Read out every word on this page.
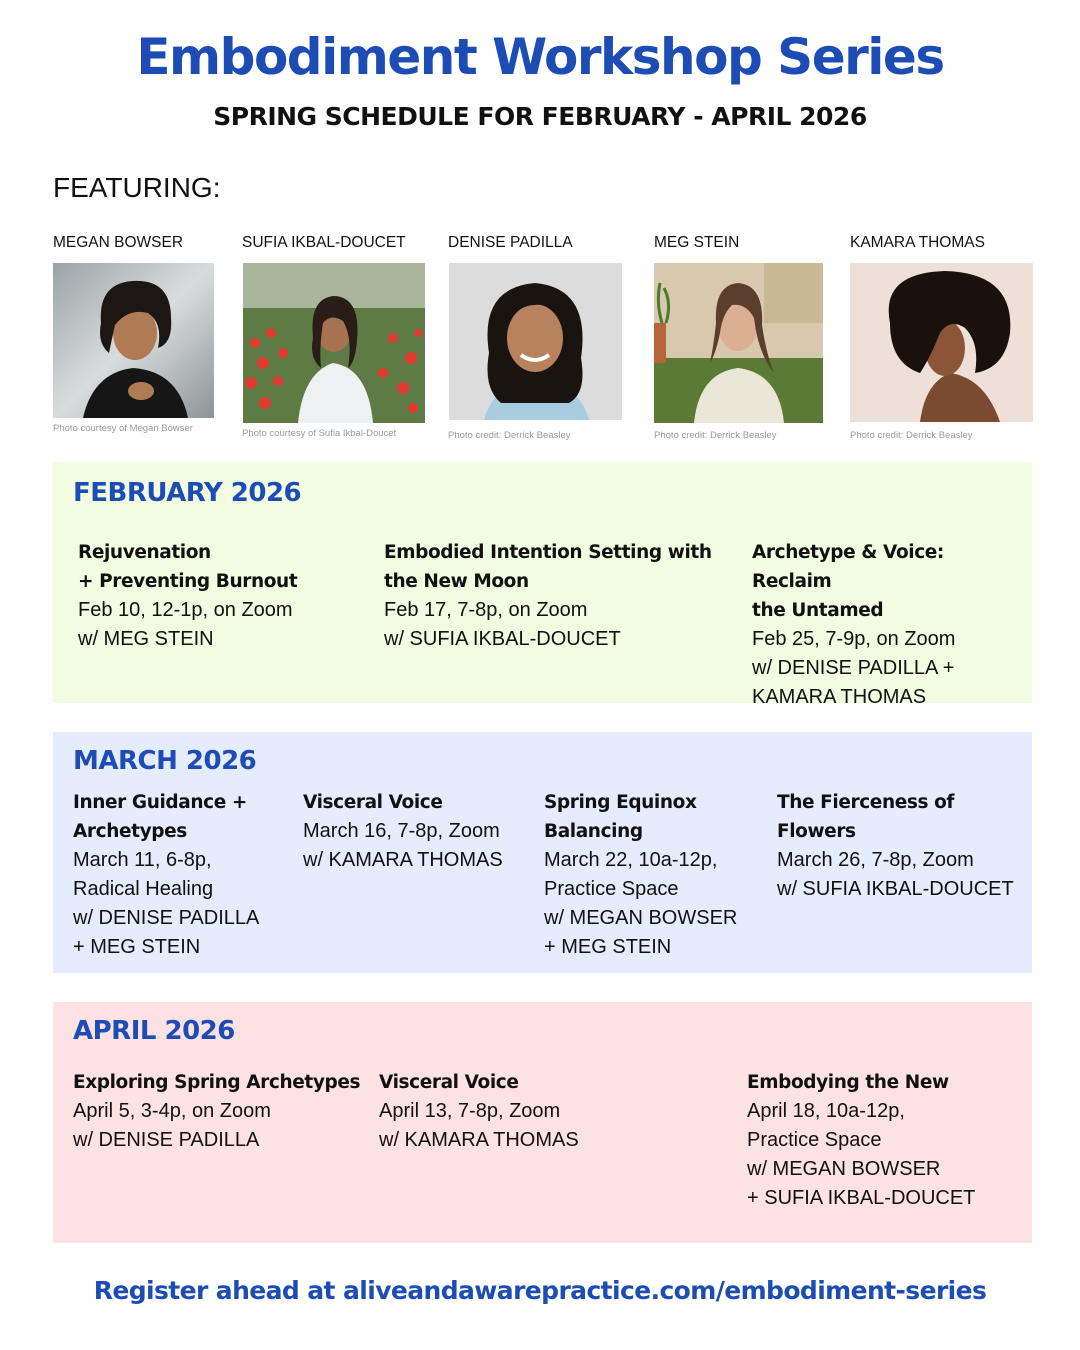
Embodiment Workshop Series
SPRING SCHEDULE FOR FEBRUARY - APRIL 2026
FEATURING:
MEGAN BOWSER
Photo courtesy of Megan Bowser
SUFIA IKBAL-DOUCET
Photo courtesy of Sufia Ikbal-Doucet
DENISE PADILLA
Photo credit: Derrick Beasley
MEG STEIN
Photo credit: Derrick Beasley
KAMARA THOMAS
Photo credit: Derrick Beasley
FEBRUARY 2026
Rejuvenation
+ Preventing Burnout
Feb 10, 12-1p, on Zoom
w/ MEG STEIN
Embodied Intention Setting with
the New Moon
Feb 17, 7-8p, on Zoom
w/ SUFIA IKBAL-DOUCET
Archetype & Voice: Reclaim
the Untamed
Feb 25, 7-9p, on Zoom
w/ DENISE PADILLA +
KAMARA THOMAS
MARCH 2026
Inner Guidance +
Archetypes
March 11, 6-8p,
Radical Healing
w/ DENISE PADILLA
+ MEG STEIN
Visceral Voice
March 16, 7-8p, Zoom
w/ KAMARA THOMAS
Spring Equinox
Balancing
March 22, 10a-12p,
Practice Space
w/ MEGAN BOWSER
+ MEG STEIN
The Fierceness of
Flowers
March 26, 7-8p, Zoom
w/ SUFIA IKBAL-DOUCET
APRIL 2026
Exploring Spring Archetypes
April 5, 3-4p, on Zoom
w/ DENISE PADILLA
Visceral Voice
April 13, 7-8p, Zoom
w/ KAMARA THOMAS
Embodying the New
April 18, 10a-12p,
Practice Space
w/ MEGAN BOWSER
+ SUFIA IKBAL-DOUCET
Register ahead at aliveandawarepractice.com/embodiment-series
